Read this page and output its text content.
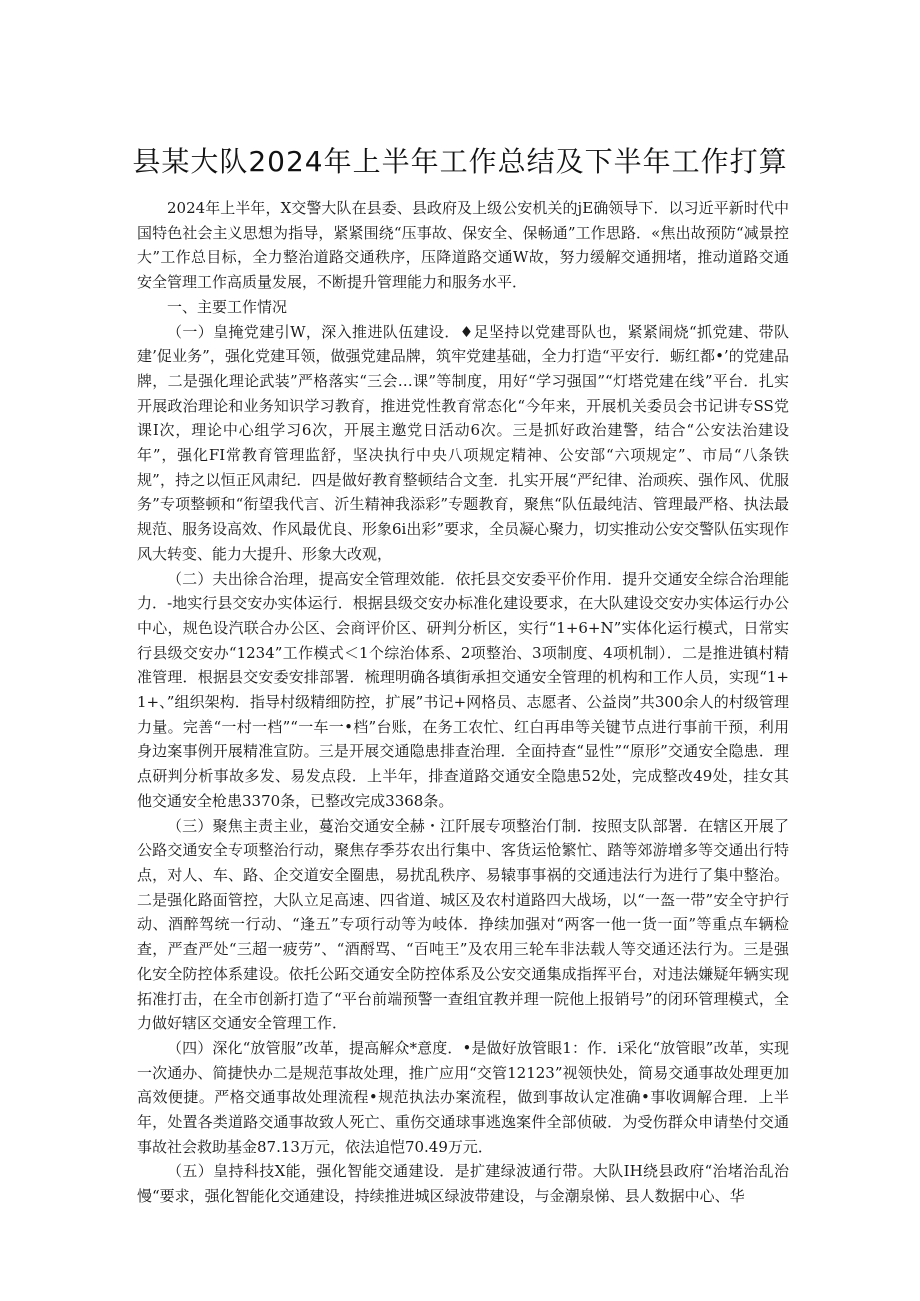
县某大队2024年上半年工作总结及下半年工作打算

2024年上半年，X交警大队在县委、县政府及上级公安机关的jE确领导下．以习近平新时代中国特色社会主义思想为指导，紧紧围绕“压事故、保安全、保畅通”工作思路．«焦出故预防“减景控大”工作总目标，全力整治道路交通秩序，压降道路交通W故，努力缓解交通拥堵，推动道路交通安全管理工作高质量发展，不断提升管理能力和服务水平．

一、主要工作情况

（一）皇掩党建引W，深入推进队伍建设．♦足坚持以党建哥队也，紧紧闹烧“抓党建、带队建’促业务”，强化党建耳领，做强党建品牌，筑牢党建基础，全力打造“平安行．蛎红都•’的党建品牌，二是强化理论武装”严格落实“三会…课”等制度，用好“学习强国”“灯塔党建在线”平台．扎实开展政治理论和业务知识学习教育，推进党性教育常态化“今年来，开展机关委员会书记讲专SS党课I次，理论中心组学习6次，开展主邀党日活动6次。三是抓好政治建警，结合“公安法治建设年”，强化FI常教育管理监舒，坚决执行中央八项规定精神、公安部“六项规定”、市局“八条铁规”，持之以恒正风肃纪．四是做好教育整顿结合文奎．扎实开展“严纪律、治顽疾、强作风、优服务”专项整顿和“衔望我代言、沂生精神我添彩”专题教育，聚焦“队伍最纯洁、管理最严格、执法最规范、服务设高效、作风最优良、形象6i出彩”要求，全员凝心聚力，切实推动公安交警队伍实现作风大转变、能力大提升、形象大改观，

（二）夫出徐合治理，提高安全管理效能．依托县交安委平价作用．提升交通安全综合治理能力．-地实行县交安办实体运行．根据县级交安办标准化建设要求，在大队建设交安办实体运行办公中心，规色设汽联合办公区、会商评价区、研判分析区，实行“1+6+N”实体化运行模式，日常实行县级交安办“1234”工作模式＜1个综治体系、2项整治、3项制度、4项机制）．二是推进镇村精准管理．根据县交安委安排部署．梳理明确各填街承担交通安全管理的机构和工作人员，实现“1+1+、”组织架构．指导村级精细防控，扩展”书记+网格员、志愿者、公益岗”共300余人的村级管理力量。完善“一村一档”“一车一•档”台账，在务工农忙、红白再串等关键节点进行事前干预，利用身边案事例开展精准宣防。三是开展交通隐患排查治理．全面持查“显性”“原形”交通安全隐患．理点研判分析事故多发、易发点段．上半年，排查道路交通安全隐患52处，完成整改49处，挂女其他交通安全枪患3370条，已整改完成3368条。

（三）聚焦主责主业，蔓治交通安全赫・江阡展专项整治仃制．按照支队部署．在辖区开展了公路交通安全专项整治行动，聚焦存季芬农出行集中、客货运怆繁忙、踏等郊游增多等交通出行特点，对人、车、路、企交道安全圈患，易扰乱秩序、易辕事事祸的交通违法行为进行了集中整治。二是强化路面管控，大队立足高速、四省道、城区及农村道路四大战场，以“一盔一带”安全守护行动、酒醉驾统一行动、“逢五”专项行动等为岐体．挣续加强对“两客一他一货一面”等重点车辆检查，严查严处“三超一疲劳”、“酒酹骂、“百吨王”及农用三轮车非法载人等交通还法行为。三是强化安全防控体系建设。依托公跖交通安全防控体系及公安交通集成指挥平台，对违法嫌疑年辆实现拓准打击，在全市创新打造了“平台前端预警一查组宜教并理一院他上报销号”的闭环管理模式，全力做好辖区交通安全管理工作．

（四）深化“放管服”改革，提高解众*意度．•是做好放管眼1：作．i采化“放管眼”改革，实现一次通办、简捷快办二是规范事故处理，推广应用“交管12123”视领快处，简易交通事故处理更加高效便捷。严格交通事故处理流程•规范执法办案流程，做到事故认定准确•事收调解合理．上半年，处置各类道路交通事故致人死亡、重伤交通球事逃逸案件全部侦破．为受伤群众申请垫付交通事故社会救助基金87.13万元，依法追恺70.49万元．

（五）皇持科技X能，强化智能交通建设．是扩建绿波通行带。大队IH绕县政府“治堵治乱治慢“要求，强化智能化交通建设，持续推进城区绿波带建设，与金潮泉悌、县人数据中心、华
